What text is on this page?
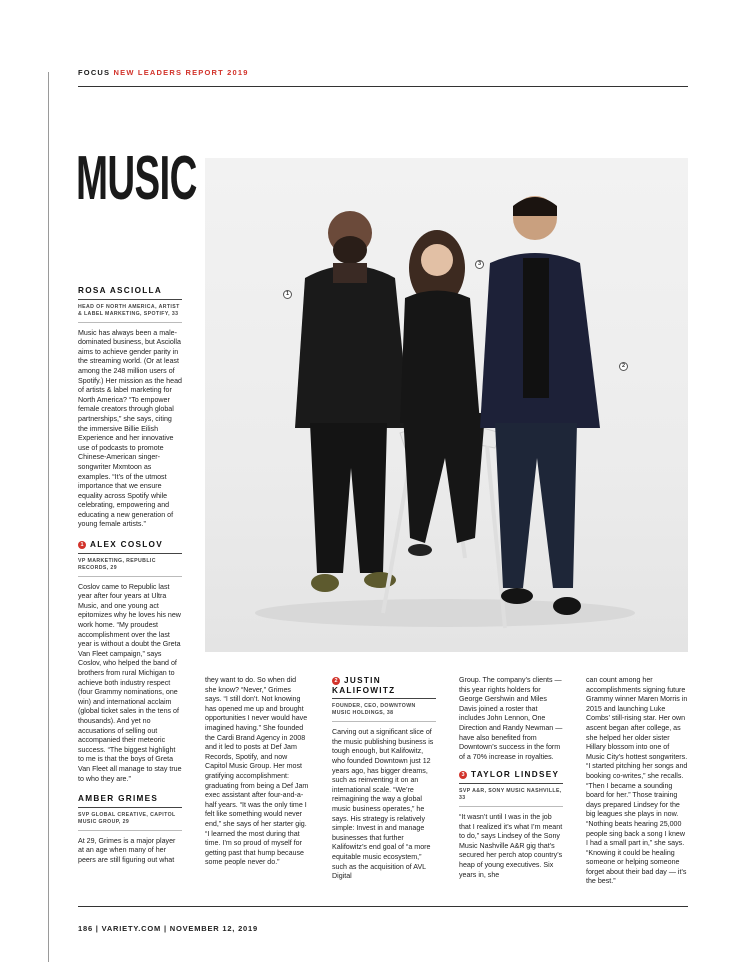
FOCUS NEW LEADERS REPORT 2019
MUSIC
1
2
3
ROSA ASCIOLLA
HEAD OF NORTH AMERICA, ARTIST & LABEL MARKETING, SPOTIFY, 33

Music has always been a male-dominated business, but Asciolla aims to achieve gender parity in the streaming world. (Or at least among the 248 million users of Spotify.) Her mission as the head of artists & label marketing for North America? “To empower female creators through global partnerships,” she says, citing the immersive Billie Eilish Experience and her innovative use of podcasts to promote Chinese-American singer-songwriter Mxmtoon as examples. “It’s of the utmost importance that we ensure equality across Spotify while celebrating, empowering and educating a new generation of young female artists.”

1 ALEX COSLOV
VP MARKETING, REPUBLIC RECORDS, 29

Coslov came to Republic last year after four years at Ultra Music, and one young act epitomizes why he loves his new work home. “My proudest accomplishment over the last year is without a doubt the Greta Van Fleet campaign,” says Coslov, who helped the band of brothers from rural Michigan to achieve both industry respect (four Grammy nominations, one win) and international acclaim (global ticket sales in the tens of thousands). And yet no accusations of selling out accompanied their meteoric success. “The biggest highlight to me is that the boys of Greta Van Fleet all manage to stay true to who they are.”

AMBER GRIMES
SVP GLOBAL CREATIVE, CAPITOL MUSIC GROUP, 29

At 29, Grimes is a major player at an age when many of her peers are still figuring out what

they want to do. So when did she know? “Never,” Grimes says. “I still don’t. Not knowing has opened me up and brought opportunities I never would have imagined having.” She founded the Cardi Brand Agency in 2008 and it led to posts at Def Jam Records, Spotify, and now Capitol Music Group. Her most gratifying accomplishment: graduating from being a Def Jam exec assistant after four-and-a-half years. “It was the only time I felt like something would never end,” she says of her starter gig. “I learned the most during that time. I’m so proud of myself for getting past that hump because some people never do.”

2 JUSTIN KALIFOWITZ
FOUNDER, CEO, DOWNTOWN MUSIC HOLDINGS, 38

Carving out a significant slice of the music publishing business is tough enough, but Kalifowitz, who founded Downtown just 12 years ago, has bigger dreams, such as reinventing it on an international scale. “We’re reimagining the way a global music business operates,” he says. His strategy is relatively simple: Invest in and manage businesses that further Kalifowitz’s end goal of “a more equitable music ecosystem,” such as the acquisition of AVL Digital

Group. The company’s clients — this year rights holders for George Gershwin and Miles Davis joined a roster that includes John Lennon, One Direction and Randy Newman — have also benefited from Downtown’s success in the form of a 70% increase in royalties.

3 TAYLOR LINDSEY
SVP A&R, SONY MUSIC NASHVILLE, 33

“It wasn’t until I was in the job that I realized it’s what I’m meant to do,” says Lindsey of the Sony Music Nashville A&R gig that’s secured her perch atop country’s heap of young executives. Six years in, she

can count among her accomplishments signing future Grammy winner Maren Morris in 2015 and launching Luke Combs’ still-rising star. Her own ascent began after college, as she helped her older sister Hillary blossom into one of Music City’s hottest songwriters. “I started pitching her songs and booking co-writes,” she recalls. “Then I became a sounding board for her.” Those training days prepared Lindsey for the big leagues she plays in now. “Nothing beats hearing 25,000 people sing back a song I knew I had a small part in,” she says. “Knowing it could be healing someone or helping someone forget about their bad day — it’s the best.”

186 | VARIETY.COM | NOVEMBER 12, 2019
